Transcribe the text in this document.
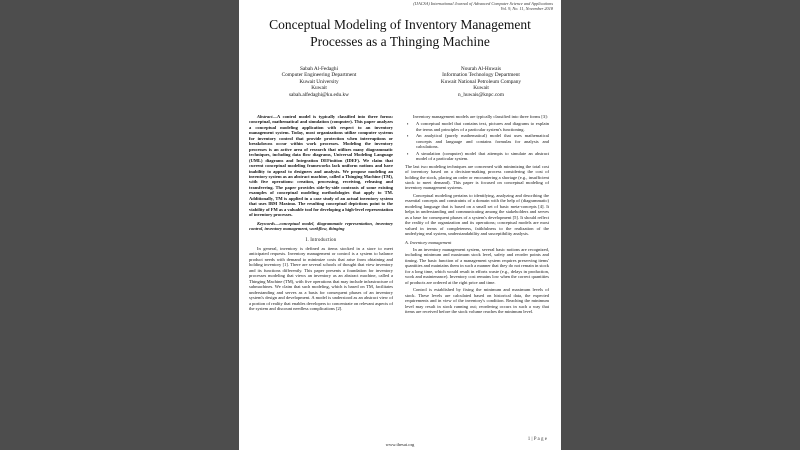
(IJACSA) International Journal of Advanced Computer Science and Applications
Vol. 9, No. 11, November 2018
Conceptual Modeling of Inventory Management
Processes as a Thinging Machine
Sabah Al-Fedaghi
Computer Engineering Department
Kuwait University
Kuwait
sabah.alfedaghi@ku.edu.kw
Nourah Al-Huwais
Information Technology Department
Kuwait National Petroleum Company
Kuwait
n_huwais@knpc.com

Abstract—A control model is typically classified into three forms: conceptual, mathematical and simulation (computer). This paper analyzes a conceptual modeling application with respect to an inventory management system. Today, most organizations utilize computer systems for inventory control that provide protection when interruptions or breakdowns occur within work processes. Modeling the inventory processes is an active area of research that utilizes many diagrammatic techniques, including data flow diagrams, Universal Modeling Language (UML) diagrams and Integration DEFinition (IDEF). We claim that current conceptual modeling frameworks lack uniform notions and have inability to appeal to designers and analysts. We propose modeling an inventory system as an abstract machine, called a Thinging Machine (TM), with five operations: creation, processing, receiving, releasing and transferring. The paper provides side-by-side contrasts of some existing examples of conceptual modeling methodologies that apply to TM. Additionally, TM is applied in a case study of an actual inventory system that uses IBM Maximo. The resulting conceptual depictions point to the viability of FM as a valuable tool for developing a high-level representation of inventory processes.

Keywords—conceptual model, diagrammatic representation, inventory control, inventory management, workflow, thinging

I. Introduction

In general, inventory is defined as items stocked in a store to meet anticipated requests. Inventory management or control is a system to balance product needs with demand to minimize costs that arise from obtaining and holding inventory [1]. There are several schools of thought that view inventory and its functions differently. This paper presents a foundation for inventory processes modeling that views an inventory as an abstract machine, called a Thinging Machine (TM), with five operations that may include infrastructure of submachines. We claim that such modeling, which is based on TM, facilitates understanding and serves as a basis for consequent phases of an inventory system's design and development. A model is understood as an abstract view of a portion of reality that enables developers to concentrate on relevant aspects of the system and discount needless complications [2].

Inventory management models are typically classified into three forms [3]:

▪ A conceptual model that contains text, pictures and diagrams to explain the terms and principles of a particular system's functioning.
▪ An analytical (purely mathematical) model that uses mathematical concepts and language and contains formulas for analysis and calculations.
▪ A simulation (computer) model that attempts to simulate an abstract model of a particular system.

The last two modeling techniques are concerned with minimizing the total cost of inventory based on a decision-making process considering the cost of holding the stock, placing an order or encountering a shortage (e.g., insufficient stock to meet demand). This paper is focused on conceptual modeling of inventory management systems.

Conceptual modeling pertains to identifying, analyzing and describing the essential concepts and constraints of a domain with the help of (diagrammatic) modeling language that is based on a small set of basic meta-concepts [4]. It helps in understanding and communicating among the stakeholders and serves as a base for consequent phases of a system's development [5]. It should reflect the reality of the organization and its operations; conceptual models are most valued in terms of completeness, faithfulness to the realization of the underlying real system, understandability and susceptibility analysis.

A. Inventory management

In an inventory management system, several basic notions are recognized, including minimum and maximum stock level, safety and reorder points and timing. The basic function of a management system requires preserving items' quantities and maintains them in such a manner that they do not remain in stock for a long time, which would result in efforts waste (e.g., delays in production, work and maintenance). Inventory cost remains low when the correct quantities of products are ordered at the right price and time.

Control is established by fixing the minimum and maximum levels of stock. These levels are calculated based on historical data, the expected requirements and in view of the inventory's condition. Reaching the minimum level may result in stock running out; reordering occurs in such a way that items are received before the stock volume reaches the minimum level.

www.thesai.org
1 | P a g e
